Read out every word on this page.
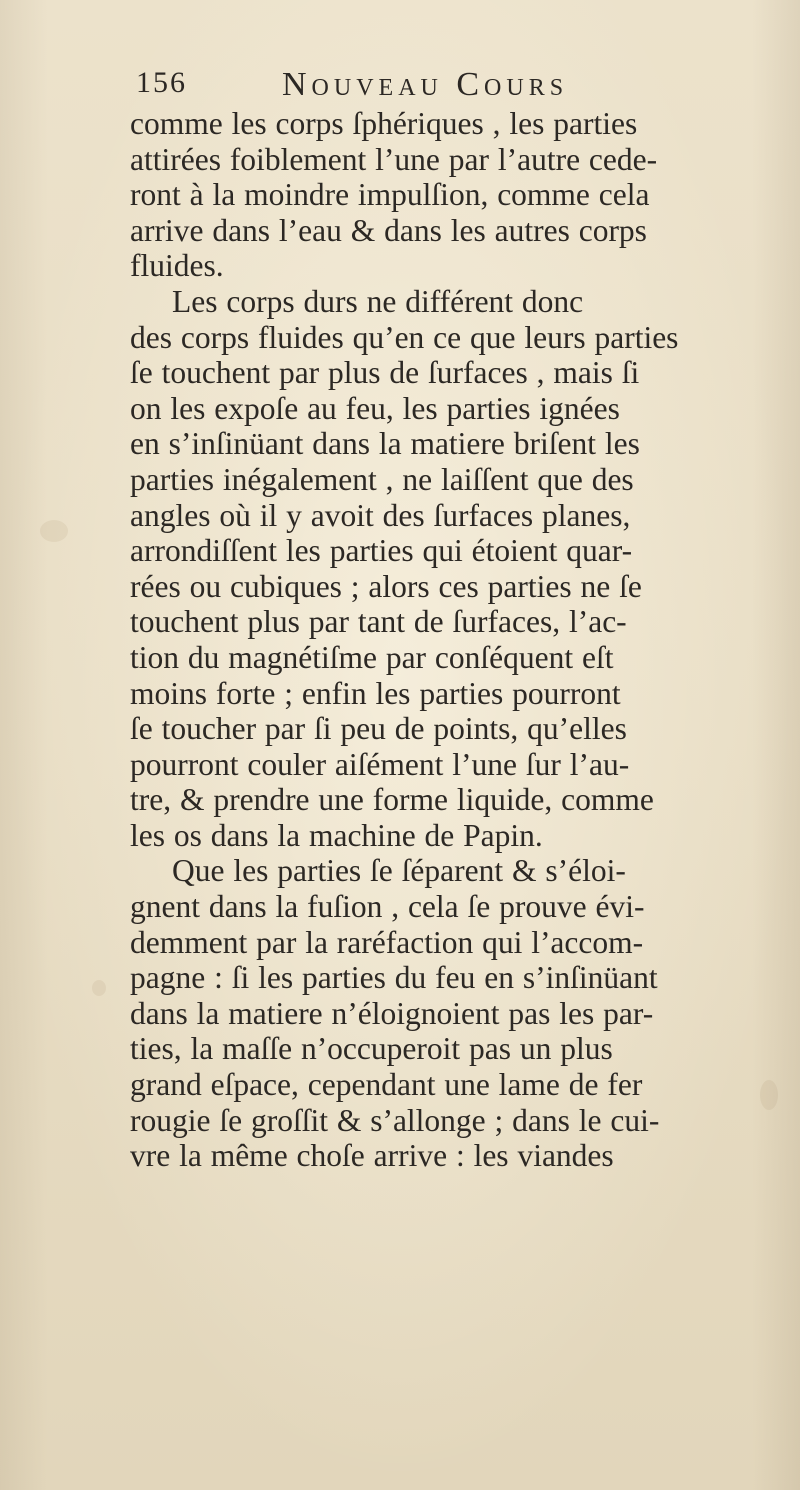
156	Nouveau Cours
comme les corps ſphériques , les parties
attirées foiblement l’une par l’autre cede-
ront à la moindre impulſion, comme cela
arrive dans l’eau & dans les autres corps
fluides.
Les corps durs ne différent donc
des corps fluides qu’en ce que leurs parties
ſe touchent par plus de ſurfaces , mais ſi
on les expoſe au feu, les parties ignées
en s’inſinüant dans la matiere briſent les
parties inégalement , ne laiſſent que des
angles où il y avoit des ſurfaces planes,
arrondiſſent les parties qui étoient quar-
rées ou cubiques ; alors ces parties ne ſe
touchent plus par tant de ſurfaces, l’ac-
tion du magnétiſme par conſéquent eſt
moins forte ; enfin les parties pourront
ſe toucher par ſi peu de points, qu’elles
pourront couler aiſément l’une ſur l’au-
tre, & prendre une forme liquide, comme
les os dans la machine de Papin.
Que les parties ſe ſéparent & s’éloi-
gnent dans la fuſion , cela ſe prouve évi-
demment par la raréfaction qui l’accom-
pagne : ſi les parties du feu en s’inſinüant
dans la matiere n’éloignoient pas les par-
ties, la maſſe n’occuperoit pas un plus
grand eſpace, cependant une lame de fer
rougie ſe groſſit & s’allonge ; dans le cui-
vre la même choſe arrive : les viandes
